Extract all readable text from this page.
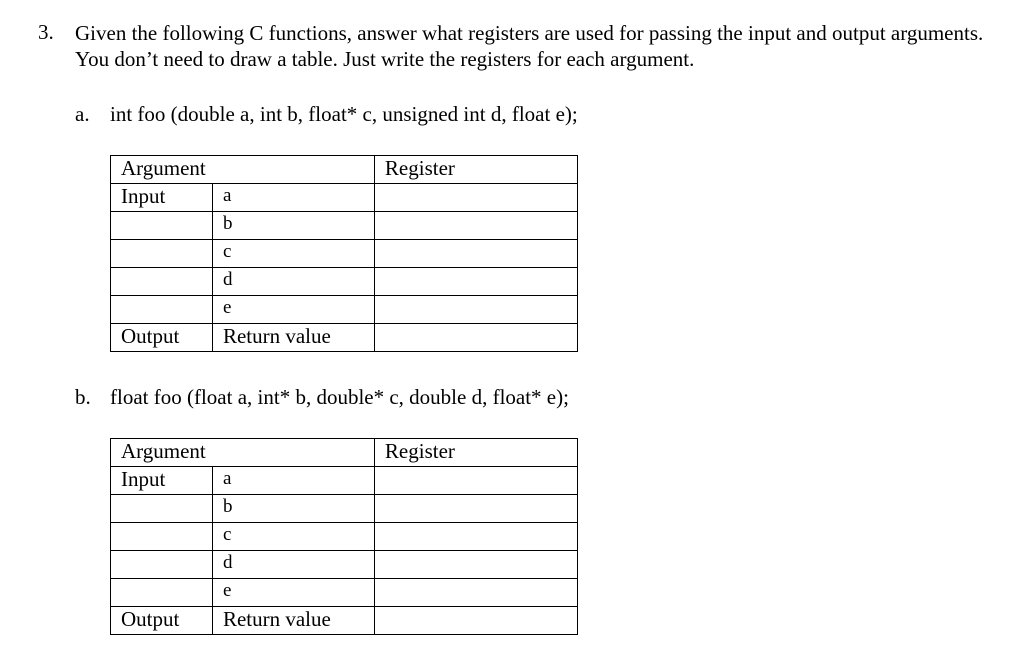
3. Given the following C functions, answer what registers are used for passing the input and output arguments. You don’t need to draw a table. Just write the registers for each argument.
a. int foo (double a, int b, float* c, unsigned int d, float e);
Argument		Register
Input	a	
	b	
	c	
	d	
	e	
Output	Return value	
b. float foo (float a, int* b, double* c, double d, float* e);
Argument		Register
Input	a	
	b	
	c	
	d	
	e	
Output	Return value	
